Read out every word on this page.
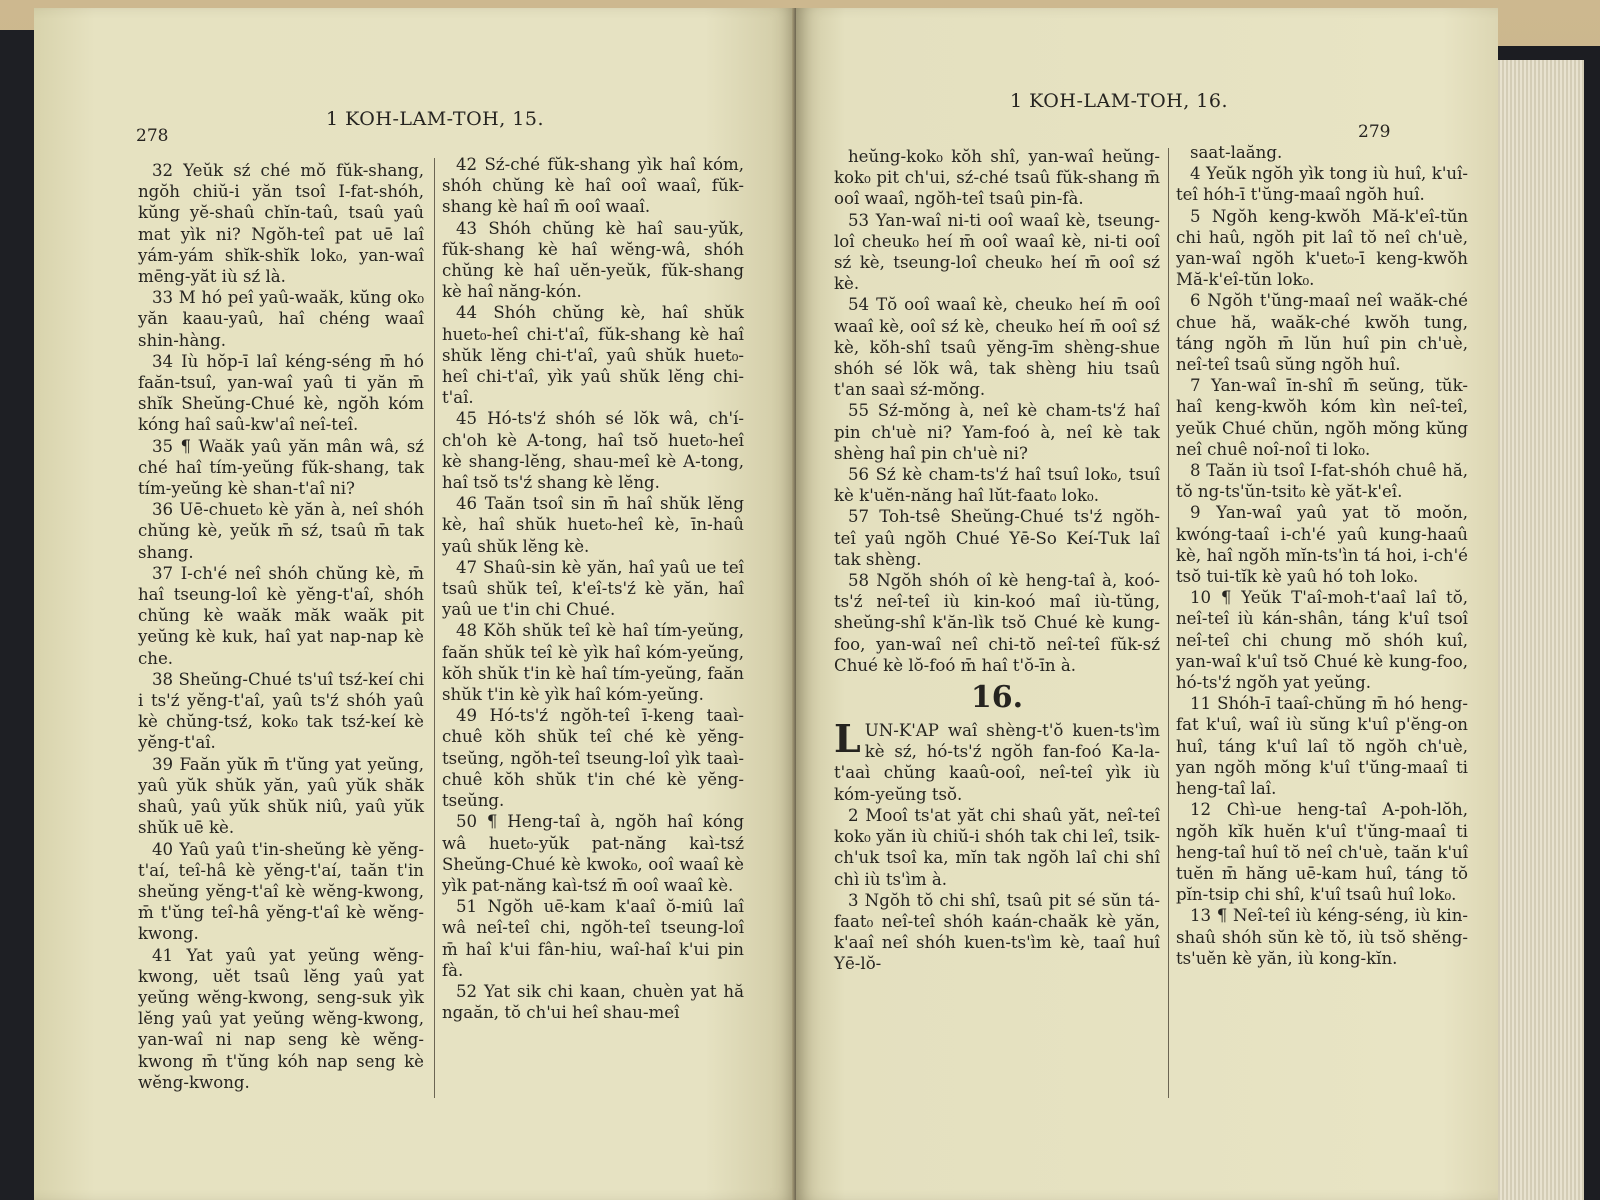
278
1 KOH-LAM-TOH, 15.

32 Yeŭk sź ché mŏ fŭk-shang, ngŏh chiŭ-i yăn tsoî I-fat-shóh, kŭng yĕ-shaû chĭn-taû, tsaû yaû mat yìk ni? Ngŏh-teî pat uē laî yám-yám shĭk-shĭk lok₀, yan-waî mēng-yăt iù sź là.

33 M hó peî yaû-waăk, kŭng ok₀ yăn kaau-yaû, haî chéng waaî shin-hàng.

34 Iù hŏp-ī laî kéng-séng m̄ hó faăn-tsuî, yan-waî yaû ti yăn m̄ shĭk Sheŭng-Chué kè, ngŏh kóm kóng haî saû-kw'aî neî-teî.

35 ¶ Waăk yaû yăn mân wâ, sź ché haî tím-yeŭng fŭk-shang, tak tím-yeŭng kè shan-t'aî ni?

36 Uē-chuet₀ kè yăn à, neî shóh chŭng kè, yeŭk m̄ sź, tsaû m̄ tak shang.

37 I-ch'é neî shóh chŭng kè, m̄ haî tseung-loî kè yĕng-t'aî, shóh chŭng kè waăk măk waăk pit yeŭng kè kuk, haî yat nap-nap kè che.

38 Sheŭng-Chué ts'uî tsź-keí chi i ts'ź yĕng-t'aî, yaû ts'ź shóh yaû kè chŭng-tsź, kok₀ tak tsź-keí kè yĕng-t'aî.

39 Faăn yŭk m̄ t'ŭng yat yeŭng, yaû yŭk shŭk yăn, yaû yŭk shăk shaû, yaû yŭk shŭk niû, yaû yŭk shŭk uē kè.

40 Yaû yaû t'in-sheŭng kè yĕng-t'aí, teî-hâ kè yĕng-t'aí, taăn t'in sheŭng yĕng-t'aî kè wĕng-kwong, m̄ t'ŭng teî-hâ yĕng-t'aî kè wĕng-kwong.

41 Yat yaû yat yeŭng wĕng-kwong, uĕt tsaû lĕng yaû yat yeŭng wĕng-kwong, seng-suk yìk lĕng yaû yat yeŭng wĕng-kwong, yan-waî ni nap seng kè wĕng-kwong m̄ t'ŭng kóh nap seng kè wĕng-kwong.

42 Sź-ché fŭk-shang yìk haî kóm, shóh chŭng kè haî ooî waaî, fŭk-shang kè haî m̄ ooî waaî.

43 Shóh chŭng kè haî sau-yŭk, fŭk-shang kè haî wĕng-wâ, shóh chŭng kè haî uĕn-yeŭk, fŭk-shang kè haî năng-kón.

44 Shóh chŭng kè, haî shŭk huet₀-heî chi-t'aî, fŭk-shang kè haî shŭk lĕng chi-t'aî, yaû shŭk huet₀-heî chi-t'aî, yìk yaû shŭk lĕng chi-t'aî.

45 Hó-ts'ź shóh sé lŏk wâ, ch'í-ch'oh kè A-tong, haî tsŏ huet₀-heî kè shang-lĕng, shau-meî kè A-tong, haî tsŏ ts'ź shang kè lĕng.

46 Taăn tsoî sin m̄ haî shŭk lĕng kè, haî shŭk huet₀-heî kè, īn-haû yaû shŭk lĕng kè.

47 Shaû-sin kè yăn, haî yaû ue teî tsaû shŭk teî, k'eî-ts'ź kè yăn, haî yaû ue t'in chi Chué.

48 Kŏh shŭk teî kè haî tím-yeŭng, faăn shŭk teî kè yìk haî kóm-yeŭng, kŏh shŭk t'in kè haî tím-yeŭng, faăn shŭk t'in kè yìk haî kóm-yeŭng.

49 Hó-ts'ź ngŏh-teî ī-keng taaì-chuê kŏh shŭk teî ché kè yĕng-tseŭng, ngŏh-teî tseung-loî yìk taaì-chuê kŏh shŭk t'in ché kè yĕng-tseŭng.

50 ¶ Heng-taî à, ngŏh haî kóng wâ huet₀-yŭk pat-năng kaì-tsź Sheŭng-Chué kè kwok₀, ooî waaî kè yìk pat-năng kaì-tsź m̄ ooî waaî kè.

51 Ngŏh uē-kam k'aaî ŏ-miû laî wâ neî-teî chi, ngŏh-teî tseung-loî m̄ haî k'ui fân-hiu, waî-haî k'ui pin fà.

52 Yat sik chi kaan, chuèn yat hă ngaăn, tŏ ch'ui heî shau-meî

1 KOH-LAM-TOH, 16.
279

heŭng-kok₀ kŏh shî, yan-waî heŭng-kok₀ pit ch'ui, sź-ché tsaû fŭk-shang m̄ ooî waaî, ngŏh-teî tsaû pin-fà.

53 Yan-waî ni-ti ooî waaî kè, tseung-loî cheuk₀ heí m̄ ooî waaî kè, ni-ti ooî sź kè, tseung-loî cheuk₀ heí m̄ ooî sź kè.

54 Tŏ ooî waaî kè, cheuk₀ heí m̄ ooî waaî kè, ooî sź kè, cheuk₀ heí m̄ ooî sź kè, kŏh-shî tsaû yĕng-īm shèng-shue shóh sé lŏk wâ, tak shèng hiu tsaû t'an saaì sź-mŏng.

55 Sź-mŏng à, neî kè cham-ts'ź haî pin ch'uè ni? Yam-foó à, neî kè tak shèng haî pin ch'uè ni?

56 Sź kè cham-ts'ź haî tsuî lok₀, tsuî kè k'uĕn-năng haî lŭt-faat₀ lok₀.

57 Toh-tsê Sheŭng-Chué ts'ź ngŏh-teî yaû ngŏh Chué Yē-So Keí-Tuk laî tak shèng.

58 Ngŏh shóh oî kè heng-taî à, koó-ts'ź neî-teî iù kin-koó maî iù-tŭng, sheŭng-shî k'ăn-lìk tsŏ Chué kè kung-foo, yan-waî neî chi-tŏ neî-teî fŭk-sź Chué kè lŏ-foó m̄ haî t'ŏ-īn à.

16.

LUN-K'AP waî shèng-t'ŏ kuen-ts'ìm kè sź, hó-ts'ź ngŏh fan-foó Ka-la-t'aaì chŭng kaaû-ooî, neî-teî yìk iù kóm-yeŭng tsŏ.

2 Mooî ts'at yăt chi shaû yăt, neî-teî kok₀ yăn iù chiŭ-i shóh tak chi leî, tsik-ch'uk tsoî ka, mĭn tak ngŏh laî chi shî chì iù ts'ìm à.

3 Ngŏh tŏ chi shî, tsaû pit sé sŭn tá-faat₀ neî-teî shóh kaán-chaăk kè yăn, k'aaî neî shóh kuen-ts'ìm kè, taaî huî Yē-lŏ-

saat-laăng.

4 Yeŭk ngŏh yìk tong iù huî, k'uî-teî hóh-ī t'ŭng-maaî ngŏh huî.

5 Ngŏh keng-kwŏh Mă-k'eî-tŭn chi haû, ngŏh pit laî tŏ neî ch'uè, yan-waî ngŏh k'uet₀-ī keng-kwŏh Mă-k'eî-tŭn lok₀.

6 Ngŏh t'ŭng-maaî neî waăk-ché chue hă, waăk-ché kwŏh tung, táng ngŏh m̄ lŭn huî pin ch'uè, neî-teî tsaû sŭng ngŏh huî.

7 Yan-waî īn-shî m̄ seŭng, tŭk-haî keng-kwŏh kóm kìn neî-teî, yeŭk Chué chŭn, ngŏh mŏng kŭng neî chuê noî-noî ti lok₀.

8 Taăn iù tsoî I-fat-shóh chuê hă, tŏ ng-ts'ŭn-tsit₀ kè yăt-k'eî.

9 Yan-waî yaû yat tŏ moŏn, kwóng-taaî i-ch'é yaû kung-haaû kè, haî ngŏh mĭn-ts'ìn tá hoi, i-ch'é tsŏ tui-tĭk kè yaû hó toh lok₀.

10 ¶ Yeŭk T'aî-moh-t'aaî laî tŏ, neî-teî iù kán-shân, táng k'uî tsoî neî-teî chi chung mŏ shóh kuî, yan-waî k'uî tsŏ Chué kè kung-foo, hó-ts'ź ngŏh yat yeŭng.

11 Shóh-ī taaî-chŭng m̄ hó heng-fat k'uî, waî iù sŭng k'uî p'ĕng-on huî, táng k'uî laî tŏ ngŏh ch'uè, yan ngŏh mŏng k'uî t'ŭng-maaî ti heng-taî laî.

12 Chì-ue heng-taî A-poh-lŏh, ngŏh kĭk huĕn k'uî t'ŭng-maaî ti heng-taî huî tŏ neî ch'uè, taăn k'uî tuĕn m̄ hăng uē-kam huî, táng tŏ pĭn-tsip chi shî, k'uî tsaû huî lok₀.

13 ¶ Neî-teî iù kéng-séng, iù kin-shaû shóh sŭn kè tŏ, iù tsŏ shĕng-ts'uĕn kè yăn, iù kong-kĭn.
